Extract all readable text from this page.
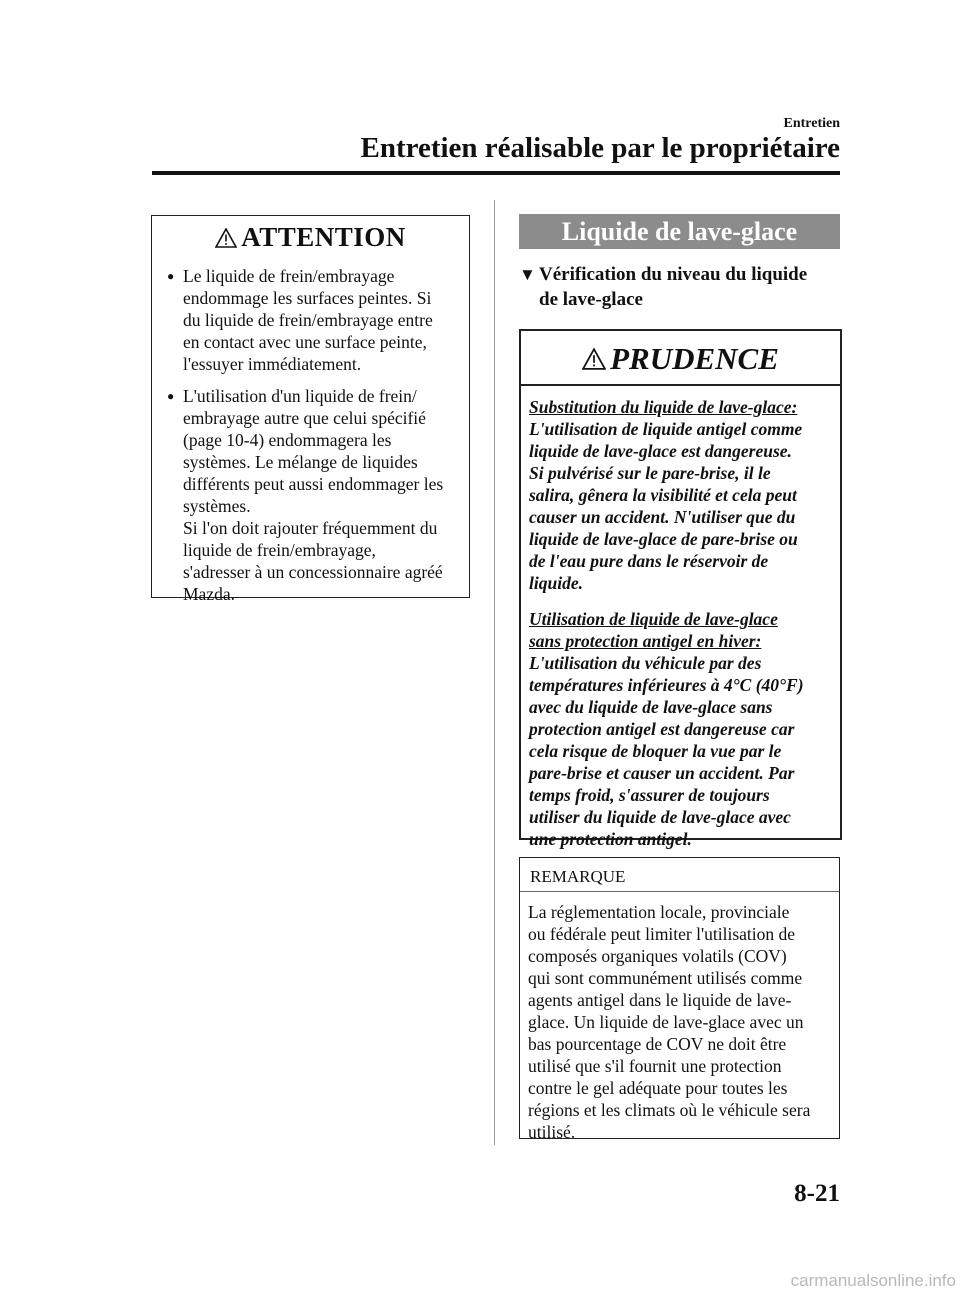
Entretien
Entretien réalisable par le propriétaire
ATTENTION
● Le liquide de frein/embrayage
endommage les surfaces peintes. Si
du liquide de frein/embrayage entre
en contact avec une surface peinte,
l'essuyer immédiatement.
● L'utilisation d'un liquide de frein/
embrayage autre que celui spécifié
(page 10-4) endommagera les
systèmes. Le mélange de liquides
différents peut aussi endommager les
systèmes.
Si l'on doit rajouter fréquemment du
liquide de frein/embrayage,
s'adresser à un concessionnaire agréé
Mazda.
Liquide de lave-glace
▼ Vérification du niveau du liquide
de lave-glace
PRUDENCE
Substitution du liquide de lave-glace:
L'utilisation de liquide antigel comme
liquide de lave-glace est dangereuse.
Si pulvérisé sur le pare-brise, il le
salira, gênera la visibilité et cela peut
causer un accident. N'utiliser que du
liquide de lave-glace de pare-brise ou
de l'eau pure dans le réservoir de
liquide.
Utilisation de liquide de lave-glace
sans protection antigel en hiver:
L'utilisation du véhicule par des
températures inférieures à 4°C (40°F)
avec du liquide de lave-glace sans
protection antigel est dangereuse car
cela risque de bloquer la vue par le
pare-brise et causer un accident. Par
temps froid, s'assurer de toujours
utiliser du liquide de lave-glace avec
une protection antigel.
REMARQUE
La réglementation locale, provinciale
ou fédérale peut limiter l'utilisation de
composés organiques volatils (COV)
qui sont communément utilisés comme
agents antigel dans le liquide de lave-
glace. Un liquide de lave-glace avec un
bas pourcentage de COV ne doit être
utilisé que s'il fournit une protection
contre le gel adéquate pour toutes les
régions et les climats où le véhicule sera
utilisé.
8-21
carmanualsonline.info
